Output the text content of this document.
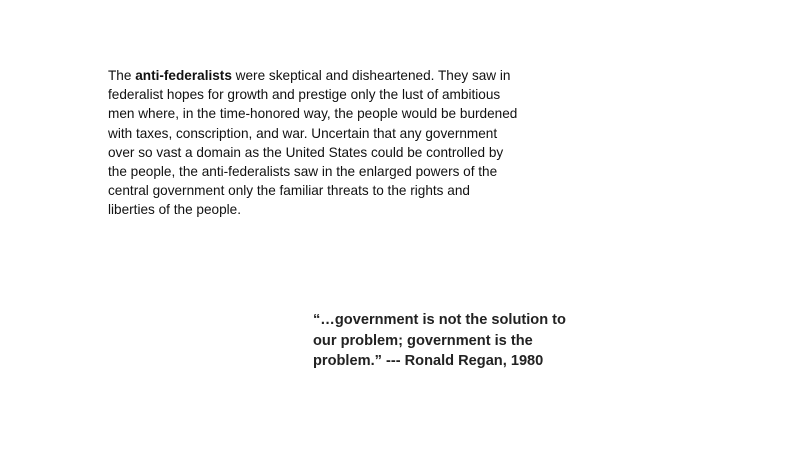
The anti-federalists were skeptical and disheartened. They saw in federalist hopes for growth and prestige only the lust of ambitious men where, in the time-honored way, the people would be burdened with taxes, conscription, and war. Uncertain that any government over so vast a domain as the United States could be controlled by the people, the anti-federalists saw in the enlarged powers of the central government only the familiar threats to the rights and liberties of the people.

“…government is not the solution to our problem; government is the problem.” --- Ronald Regan, 1980
